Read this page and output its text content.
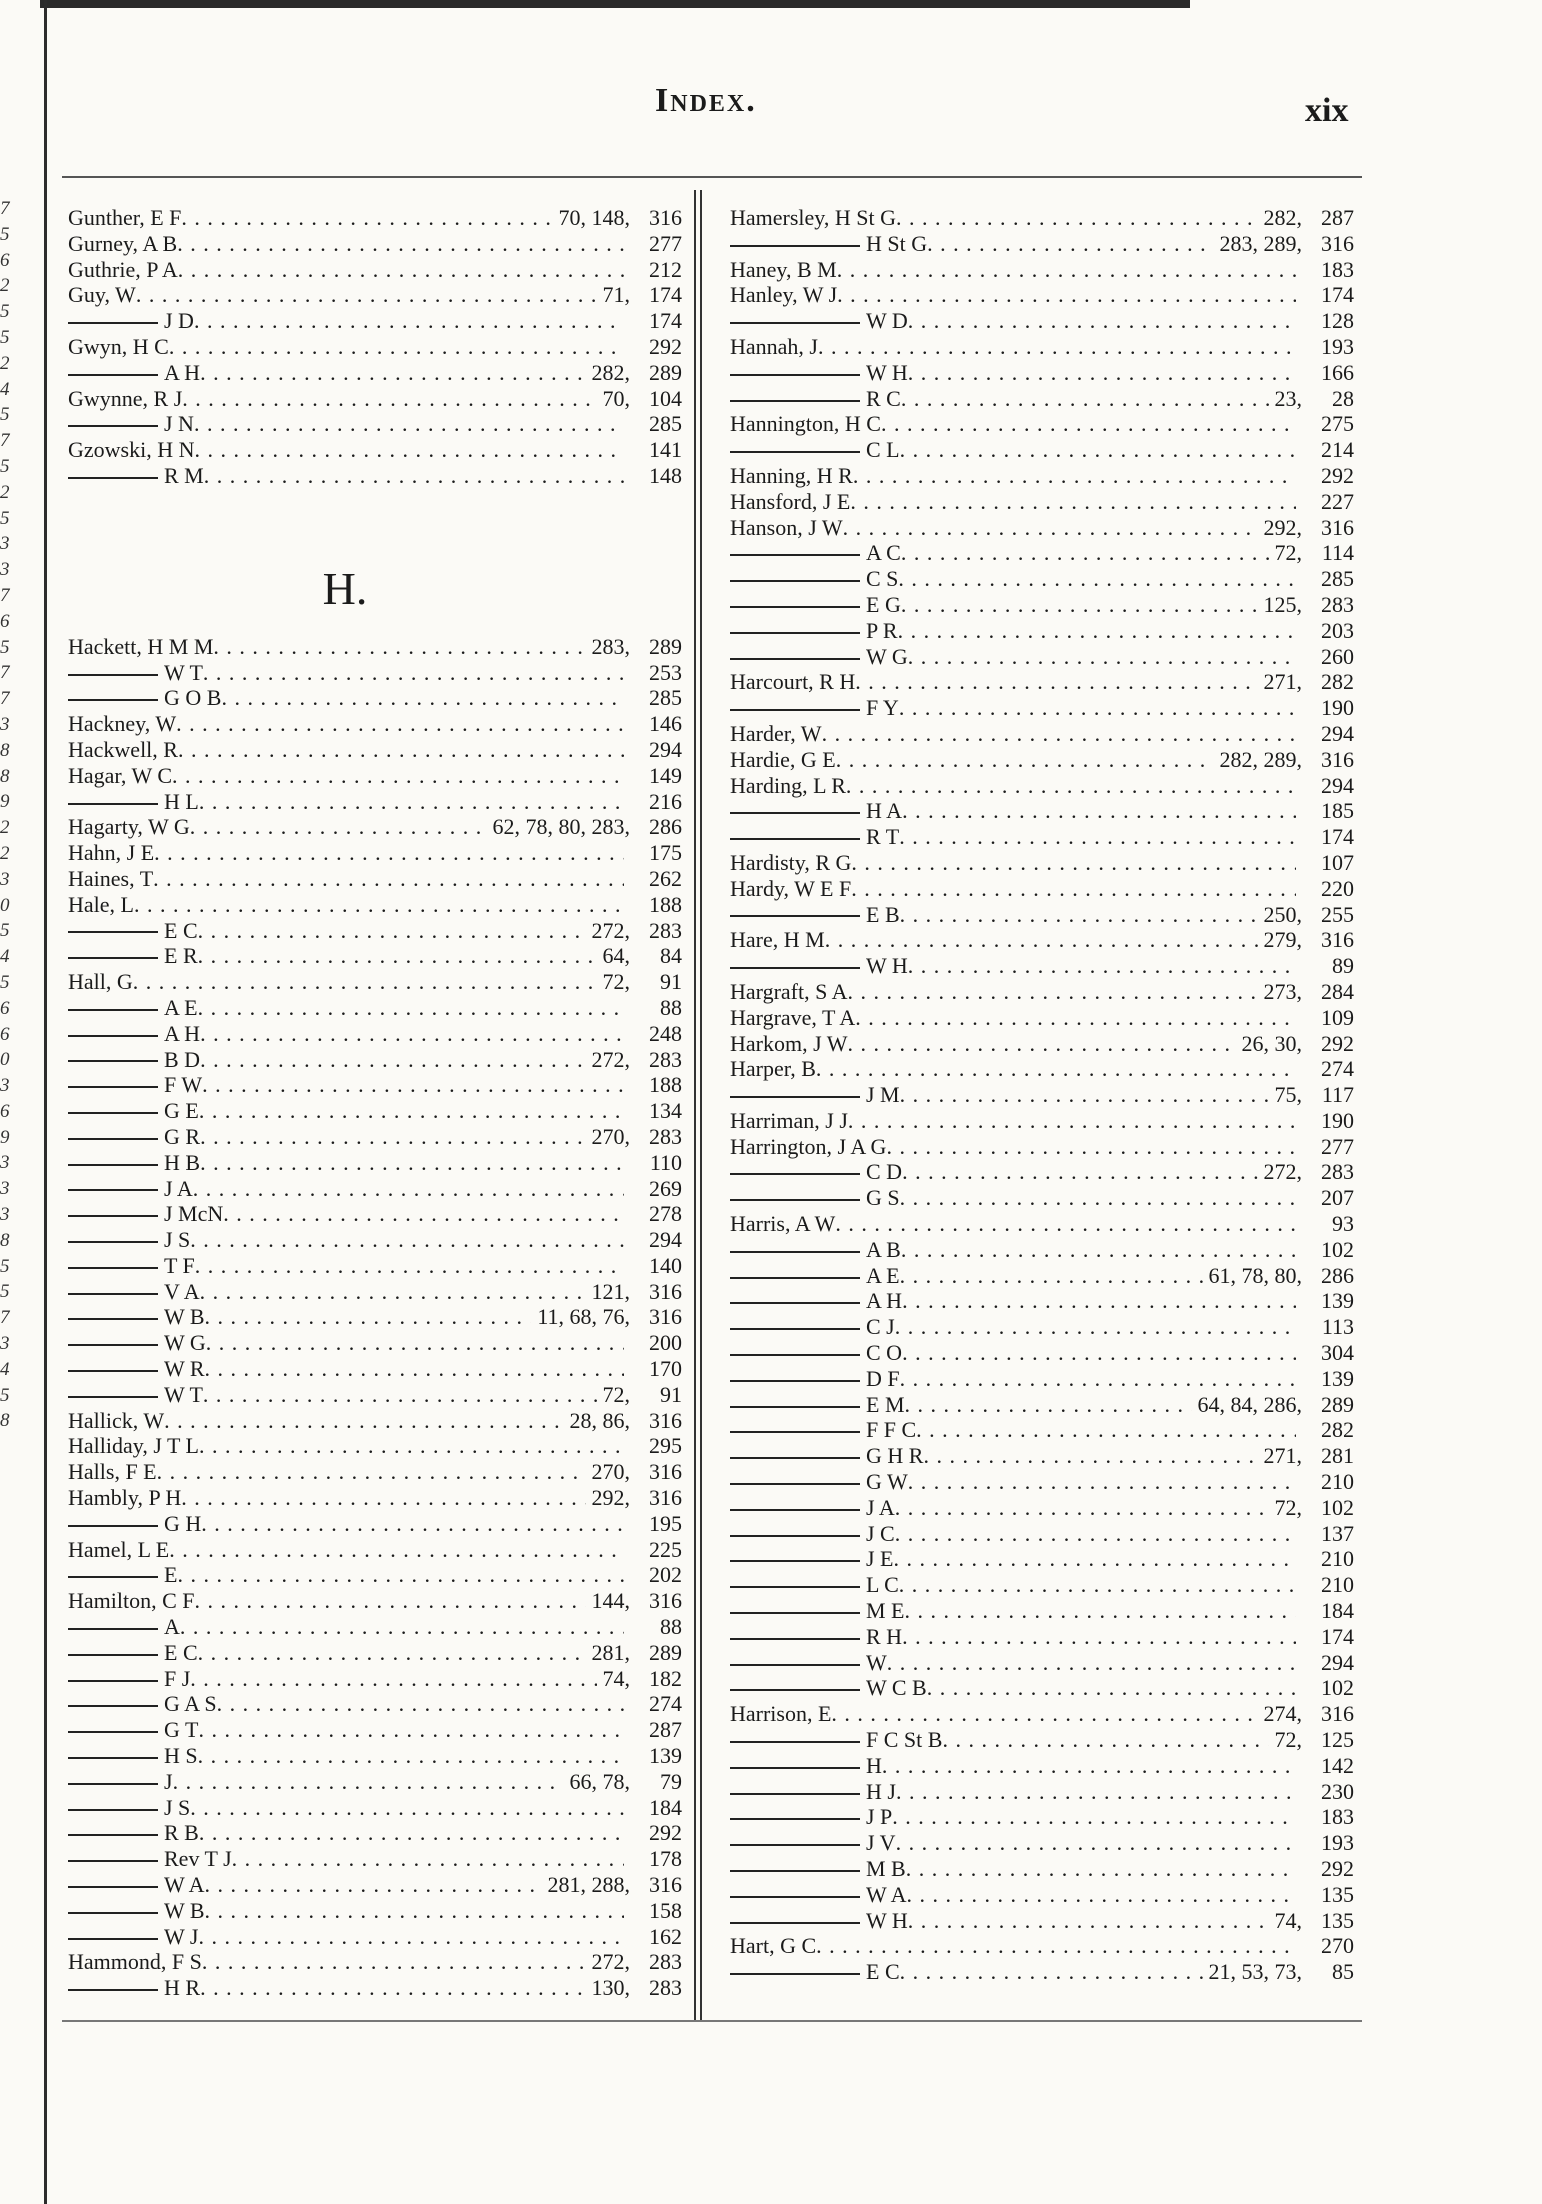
7
5
6
2
5
5
2
4
5
7
5
2
5
3
3
7
6
5
7
7
3
8
8
9
2
2
3
0
5
4
5
6
6
0
3
6
9
3
3
3
8
5
5
7
3
4
5
8
Index.	xix
Gunther, E F . . .	70, 148, 316
Gurney, A B . . .	277
Guthrie, P A . . .	212
Guy, W . . .	71, 174
J D . . .	174
Gwyn, H C . . .	292
A H . . .	282, 289
Gwynne, R J . . .	70, 104
J N . . .	285
Gzowski, H N . . .	141
R M . . .	148
H.
Hackett, H M M . . .	283, 289
W T . . .	253
G O B . . .	285
Hackney, W . . .	146
Hackwell, R . . .	294
Hagar, W C . . .	149
H L . . .	216
Hagarty, W G . . .	62, 78, 80, 283, 286
Hahn, J E . . .	175
Haines, T . . .	262
Hale, L . . .	188
E C . . .	272, 283
E R . . .	64,	84
Hall, G . . .	72,	91
A E . . .	88
A H . . .	248
B D . . .	272, 283
F W . . .	188
G E . . .	134
G R . . .	270, 283
H B . . .	110
J A . . .	269
J McN . . .	278
J S . . .	294
T F . . .	140
V A . . .	121, 316
W B . . .	11, 68, 76, 316
W G . . .	200
W R . . .	170
W T . . .	72,	91
Hallick, W . . .	28, 86, 316
Halliday, J T L . . .	295
Halls, F E . . .	270, 316
Hambly, P H . . .	292, 316
G H . . .	195
Hamel, L E . . .	225
E . . .	202
Hamilton, C F . . .	144, 316
A . . .	88
E C . . .	281, 289
F J . . .	74, 182
G A S . . .	274
G T . . .	287
H S . . .	139
J . . .	66, 78,	79
J S . . .	184
R B . . .	292
Rev T J . . .	178
W A . . .	281, 288, 316
W B . . .	158
W J . . .	162
Hammond, F S . . .	272, 283
H R . . .	130, 283
Hamersley, H St G . . .	282, 287
H St G . . .	283, 289, 316
Haney, B M . . .	183
Hanley, W J . . .	174
W D . . .	128
Hannah, J . . .	193
W H . . .	166
R C . . .	23,	28
Hannington, H C . . .	275
C L . . .	214
Hanning, H R . . .	292
Hansford, J E . . .	227
Hanson, J W . . .	292, 316
A C . . .	72, 114
C S . . .	285
E G . . .	125, 283
P R . . .	203
W G . . .	260
Harcourt, R H . . .	271, 282
F Y . . .	190
Harder, W . . .	294
Hardie, G E . . .	282, 289, 316
Harding, L R . . .	294
H A . . .	185
R T . . .	174
Hardisty, R G . . .	107
Hardy, W E F . . .	220
E B . . .	250, 255
Hare, H M . . .	279, 316
W H . . .	89
Hargraft, S A . . .	273, 284
Hargrave, T A . . .	109
Harkom, J W . . .	26, 30, 292
Harper, B . . .	274
J M . . .	75, 117
Harriman, J J . . .	190
Harrington, J A G . . .	277
C D . . .	272, 283
G S . . .	207
Harris, A W . . .	93
A B . . .	102
A E . . .	61, 78, 80, 286
A H . . .	139
C J . . .	113
C O . . .	304
D F . . .	139
E M . . .	64, 84, 286, 289
F F C . . .	282
G H R . . .	271, 281
G W . . .	210
J A . . .	72, 102
J C . . .	137
J E . . .	210
L C . . .	210
M E . . .	184
R H . . .	174
W . . .	294
W C B . . .	102
Harrison, E . . .	274, 316
F C St B . . .	72, 125
H . . .	142
H J . . .	230
J P . . .	183
J V . . .	193
M B . . .	292
W A . . .	135
W H . . .	74, 135
Hart, G C . . .	270
E C . . .	21, 53, 73,	85
